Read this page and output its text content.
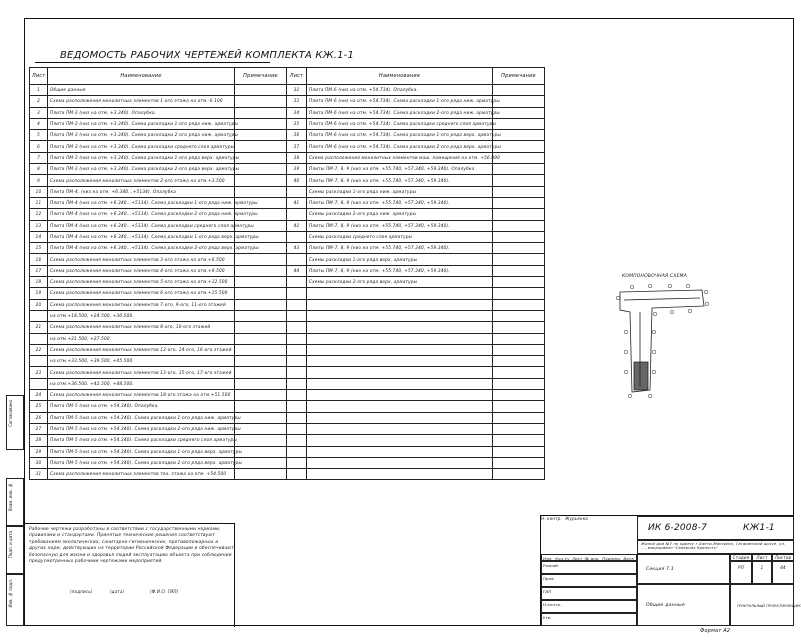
ВЕДОМОСТЬ РАБОЧИХ ЧЕРТЕЖЕЙ КОМПЛЕКТА КЖ.1-1
Лист	Наименование	Примечание
1	Общие данные	
2	Схема расположения монолитных элементов 1-ого этажа на отм.-0.100	
3	Плита ПМ-3 (низ на отм. +3.340). Опалубка.	
4	Плита ПМ-3 (низ на отм. +3.340). Схема раскладки 1-ого ряда ниж. арматуры	
5	Плита ПМ-3 (низ на отм. +3.340). Схема раскладки 2-ого ряда ниж. арматуры	
6	Плита ПМ-3 (низ на отм. +3.340). Схема раскладки среднего слоя арматуры	
7	Плита ПМ-3 (низ на отм. +3.340). Схема раскладки 1-ого ряда верх. арматуры	
8	Плита ПМ-3 (низ на отм. +3.340). Схема раскладки 2-ого ряда верх. арматуры	
9	Схема расположения монолитных элементов 2-ого этажа на отм.+3.500	
10	Плита ПМ-4, (низ на отм. +6.340...+5134). Опалубка	
11	Плита ПМ-4 (низ на отм. +6.340...+5134). Схема раскладки 1-ого ряда ниж. арматуры	
12	Плита ПМ-4 (низ на отм. +6.340...+5134). Схема раскладки 2-ого ряда ниж. арматуры	
13	Плита ПМ-4 (низ на отм. +6.340...+5134). Схема раскладки среднего слоя арматуры	
14	Плита ПМ-4 (низ на отм. +6.340...+5134). Схема раскладки 1-ого ряда верх. арматуры	
15	Плита ПМ-4 (низ на отм. +6.340...+5134). Схема раскладки 2-ого ряда верх. арматуры	
16	Схема расположения монолитных элементов 3-ого этажа на отм.+6.500	
17	Схема расположения монолитных элементов 4-ого этажа на отм.+9.500	
18	Схема расположения монолитных элементов 5-ого этажа на отм.+12.500	
19	Схема расположения монолитных элементов 6-ого этажа на отм.+15.500	
20	Схема расположения монолитных элементов 7-ого, 9-ого, 11-ого этажей	
	на отм.+18.500, +24.500, +30.500.	
21	Схема расположения монолитных элементов 8-ого, 10-ого этажей	
	на отм.+21.500, +27.500.	
22	Схема расположения монолитных элементов 12-ого, 14-ого, 16-ого этажей	
	на отм.+33.500, +39.500, +45.500.	
23	Схема расположения монолитных элементов 13-ого, 15-ого, 17-ого этажей	
	на отм.+36.500, +42.500, +48.500.	
24	Схема расположения монолитных элементов 18-ого этажа на отм.+51.500	
25	Плита ПМ-5 (низ на отм. +54.340). Опалубка.	
26	Плита ПМ-5 (низ на отм. +54.340). Схема раскладки 1-ого ряда ниж. арматуры	
27	Плита ПМ-5 (низ на отм. +54.340). Схема раскладки 2-ого ряда ниж. арматуры	
28	Плита ПМ-5 (низ на отм. +54.340). Схема раскладки среднего слоя арматуры	
29	Плита ПМ-5 (низ на отм. +54.340). Схема раскладки 1-ого ряда верх. арматуры	
30	Плита ПМ-5 (низ на отм. +54.340). Схема раскладки 2-ого ряда верх. арматуры	
31	Схема расположения монолитных элементов тех. этажа на отм. +54.500	
Лист	Наименование	Примечание
32	Плита ПМ-6 (низ на отм. +54.734). Опалубка.	
33	Плита ПМ-6 (низ на отм. +54.734). Схема раскладки 1-ого ряда ниж. арматуры	
34	Плита ПМ-6 (низ на отм. +54.734). Схема раскладки 2-ого ряда ниж. арматуры	
35	Плита ПМ-6 (низ на отм. +54.734). Схема раскладки среднего слоя арматуры	
36	Плита ПМ-6 (низ на отм. +54.734). Схема раскладки 1-ого ряда верх. арматуры	
37	Плита ПМ-6 (низ на отм. +54.734). Схема раскладки 2-ого ряда верх. арматуры	
38	Схема расположения монолитных элементов маш. помещения на отм. +56.890	
39	Плиты ПМ-7, 8, 9 (низ на отм. +55.740, +57.340, +59.340). Опалубка	
40	Плиты ПМ-7, 8, 9 (низ на отм. +55.740, +57.340, +59.340).	
	Схемы раскладки 1-ого ряда ниж. арматуры	
41	Плиты ПМ-7, 8, 9 (низ на отм. +55.740, +57.340, +59.340).	
	Схемы раскладки 2-ого ряда ниж. арматуры	
42	Плиты ПМ-7, 8, 9 (низ на отм. +55.740, +57.340, +59.340).	
	Схемы раскладки среднего слоя арматуры	
43	Плиты ПМ-7, 8, 9 (низ на отм. +55.740, +57.340, +59.340).	
	Схемы раскладки 1-ого ряда верх. арматуры	
44	Плиты ПМ-7, 8, 9 (низ на отм. +55.740, +57.340, +59.340).	
	Схемы раскладки 2-ого ряда верх. арматуры	

КОМПОНОВОЧНАЯ СХЕМА
Согласовано
Взам. инв. №
Подп. и дата
Инв. № подл.
Рабочие чертежи разработаны в соответствии с государственными нормами, правилами и стандартами. Принятые технические решения соответствуют требованиям экологических, санитарно-гигиенических, противопожарных и других норм, действующих на территории Российской Федерации и обеспечивают безопасную для жизни и здоровья людей эксплуатацию объекта при соблюдении предусмотренных рабочими чертежами мероприятий.
(подпись)	(дата)	(Ф.И.О. ГИП)
Н. контр. Журьянко
ИК 6-2008-7	КЖ1-1
Жилой дом №7 по адресу г.Ханты-Мансийск, Гагаринский шоссе, ул. ..., микрорайон "Северная Крепость"
Секция 7.1
Стадия	Лист	Листов
РП	1	44
Общие данные	ГЕНЕРАЛЬНЫЙ ПРОЕКТИРОВЩИК
Изм. Кол.уч Лист № док. Подпись Дата
Разраб.
Пров.
ГИП
Н.контр.
Утв.
Формат А2
